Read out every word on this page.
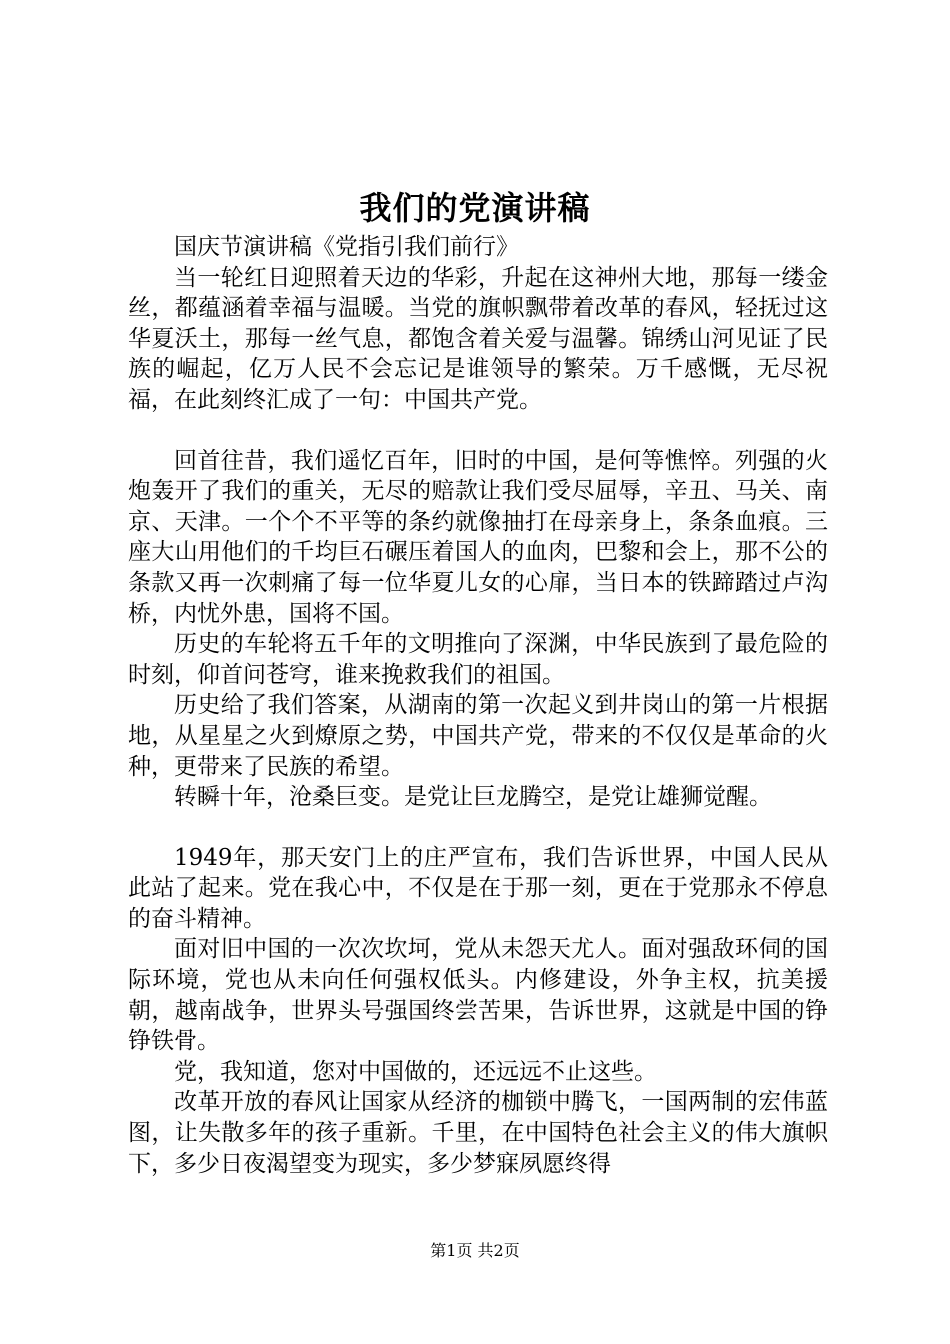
我们的党演讲稿

国庆节演讲稿《党指引我们前行》

当一轮红日迎照着天边的华彩，升起在这神州大地，那每一缕金丝，都蕴涵着幸福与温暖。当党的旗帜飘带着改革的春风，轻抚过这华夏沃土，那每一丝气息，都饱含着关爱与温馨。锦绣山河见证了民族的崛起，亿万人民不会忘记是谁领导的繁荣。万千感慨，无尽祝福，在此刻终汇成了一句：中国共产党。

回首往昔，我们遥忆百年，旧时的中国，是何等憔悴。列强的火炮轰开了我们的重关，无尽的赔款让我们受尽屈辱，辛丑、马关、南京、天津。一个个不平等的条约就像抽打在母亲身上，条条血痕。三座大山用他们的千均巨石碾压着国人的血肉，巴黎和会上，那不公的条款又再一次刺痛了每一位华夏儿女的心扉，当日本的铁蹄踏过卢沟桥，内忧外患，国将不国。

历史的车轮将五千年的文明推向了深渊，中华民族到了最危险的时刻，仰首问苍穹，谁来挽救我们的祖国。

历史给了我们答案，从湖南的第一次起义到井岗山的第一片根据地，从星星之火到燎原之势，中国共产党，带来的不仅仅是革命的火种，更带来了民族的希望。

转瞬十年，沧桑巨变。是党让巨龙腾空，是党让雄狮觉醒。

1949年，那天安门上的庄严宣布，我们告诉世界，中国人民从此站了起来。党在我心中，不仅是在于那一刻，更在于党那永不停息的奋斗精神。

面对旧中国的一次次坎坷，党从未怨天尤人。面对强敌环伺的国际环境，党也从未向任何强权低头。内修建设，外争主权，抗美援朝，越南战争，世界头号强国终尝苦果，告诉世界，这就是中国的铮铮铁骨。

党，我知道，您对中国做的，还远远不止这些。

改革开放的春风让国家从经济的枷锁中腾飞，一国两制的宏伟蓝图，让失散多年的孩子重新。千里，在中国特色社会主义的伟大旗帜下，多少日夜渴望变为现实，多少梦寐夙愿终得

第1页 共2页
